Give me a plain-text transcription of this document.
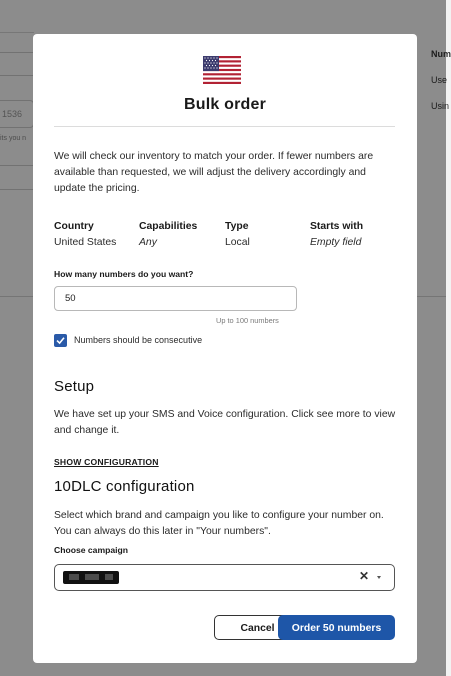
1536
its you n
Num
Use
Usin
Bulk order
We will check our inventory to match your order. If fewer numbers are available than requested, we will adjust the delivery accordingly and update the pricing.
Country
United States
Capabilities
Any
Type
Local
Starts with
Empty field
How many numbers do you want?
50
Up to 100 numbers
Numbers should be consecutive
Setup
We have set up your SMS and Voice configuration. Click see more to view and change it.
SHOW CONFIGURATION
10DLC configuration
Select which brand and campaign you like to configure your number on. You can always do this later in "Your numbers".
Choose campaign
✕
Cancel	Order 50 numbers
